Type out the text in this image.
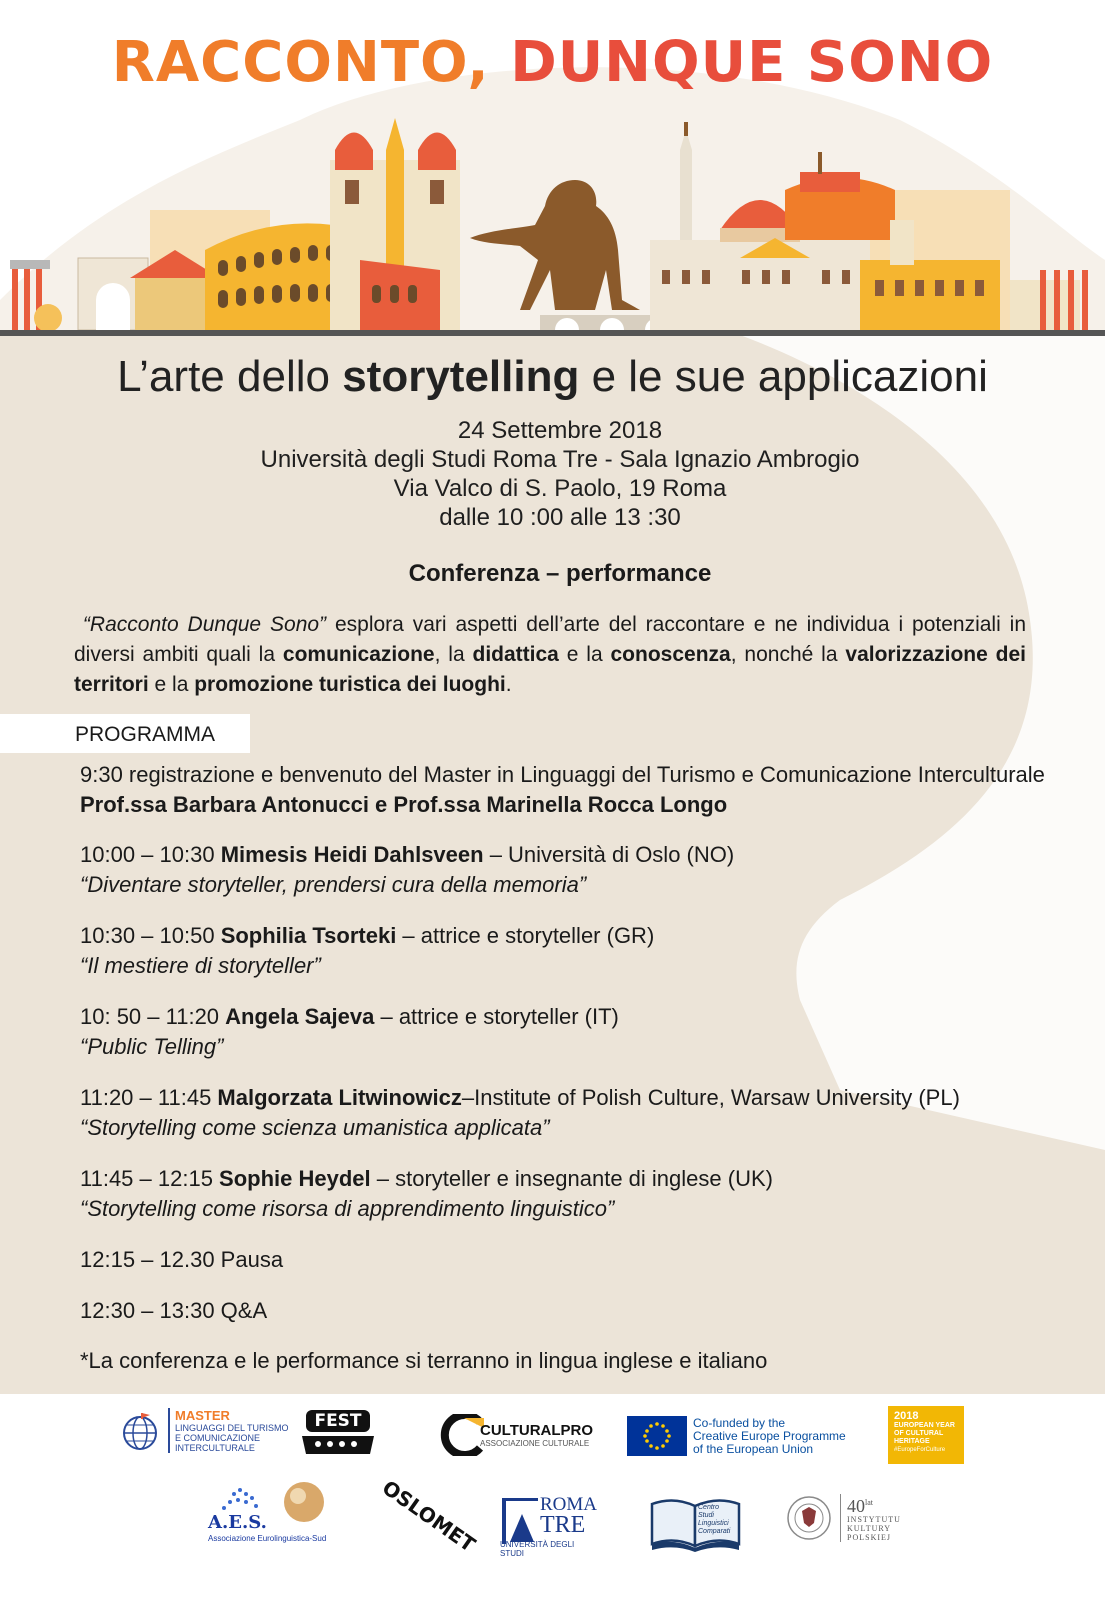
RACCONTO, DUNQUE SONO
L’arte dello storytelling e le sue applicazioni
24 Settembre 2018
Università degli Studi Roma Tre - Sala Ignazio Ambrogio
Via Valco di S. Paolo, 19 Roma
dalle 10 :00 alle 13 :30
Conferenza – performance
“Racconto Dunque Sono” esplora vari aspetti dell’arte del raccontare e ne individua i potenziali in diversi ambiti quali la comunicazione, la didattica e la conoscenza, nonché la valorizzazione dei territori e la promozione turistica dei luoghi.
PROGRAMMA
9:30 registrazione e benvenuto del Master in Linguaggi del Turismo e Comunicazione Interculturale Prof.ssa Barbara Antonucci e Prof.ssa Marinella Rocca Longo
10:00 – 10:30 Mimesis Heidi Dahlsveen – Università di Oslo (NO)
“Diventare storyteller, prendersi cura della memoria”
10:30 – 10:50 Sophilia Tsorteki – attrice e storyteller (GR)
“Il mestiere di storyteller”
10: 50 – 11:20 Angela Sajeva – attrice e storyteller (IT)
“Public Telling”
11:20 – 11:45 Malgorzata Litwinowicz–Institute of Polish Culture, Warsaw University (PL)
“Storytelling come scienza umanistica applicata”
11:45 – 12:15 Sophie Heydel – storyteller e insegnante di inglese (UK)
“Storytelling come risorsa di apprendimento linguistico”
12:15 – 12.30 Pausa
12:30 – 13:30 Q&A
*La conferenza e le performance si terranno in lingua inglese e italiano
MASTER
LINGUAGGI DEL TURISMO
E COMUNICAZIONE
INTERCULTURALE
FEST	CULTURALPRO
ASSOCIAZIONE CULTURALE
Co-funded by the
Creative Europe Programme
of the European Union
2018
EUROPEAN YEAR
OF CULTURAL
HERITAGE
#EuropeForCulture
A.E.S.
Associazione Eurolinguistica-Sud	OSLOMET	ROMA
TRE
UNIVERSITÀ DEGLI STUDI
Centro
Studi
Linguistici
Comparati
$40^{lat}$
INSTYTUTU
KULTURY
POLSKIEJ
